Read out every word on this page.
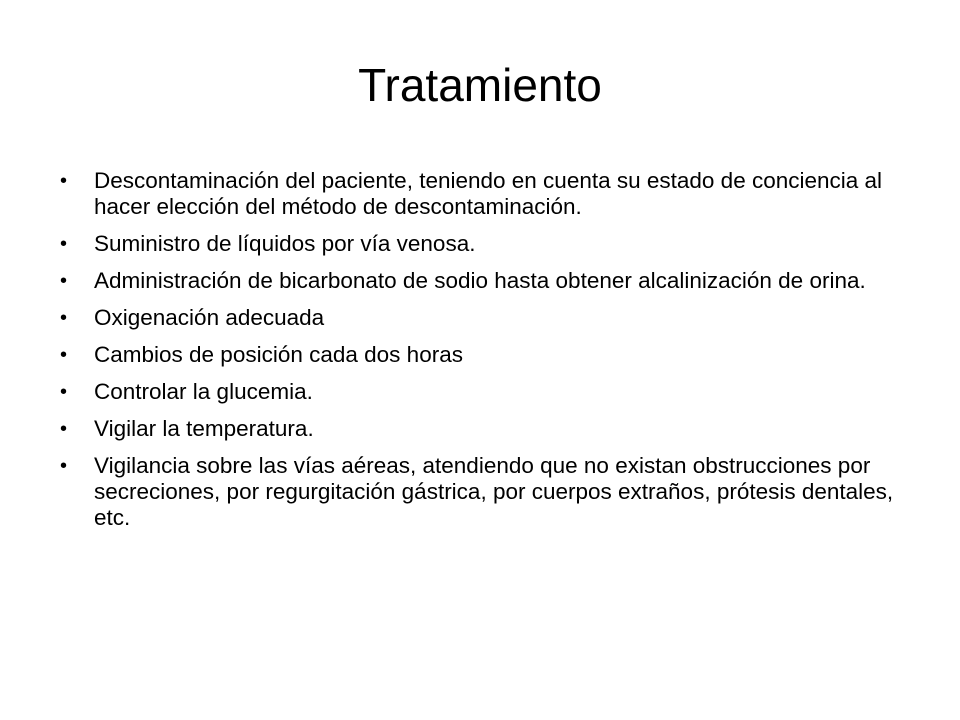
Tratamiento
• Descontaminación del paciente, teniendo en cuenta su estado de conciencia al hacer elección del método de descontaminación.
• Suministro de líquidos por vía venosa.
• Administración de bicarbonato de sodio hasta obtener alcalinización de orina.
• Oxigenación adecuada
• Cambios de posición cada dos horas
• Controlar la glucemia.
• Vigilar la temperatura.
• Vigilancia sobre las vías aéreas, atendiendo que no existan obstrucciones por secreciones, por regurgitación gástrica, por cuerpos extraños, prótesis dentales, etc.
